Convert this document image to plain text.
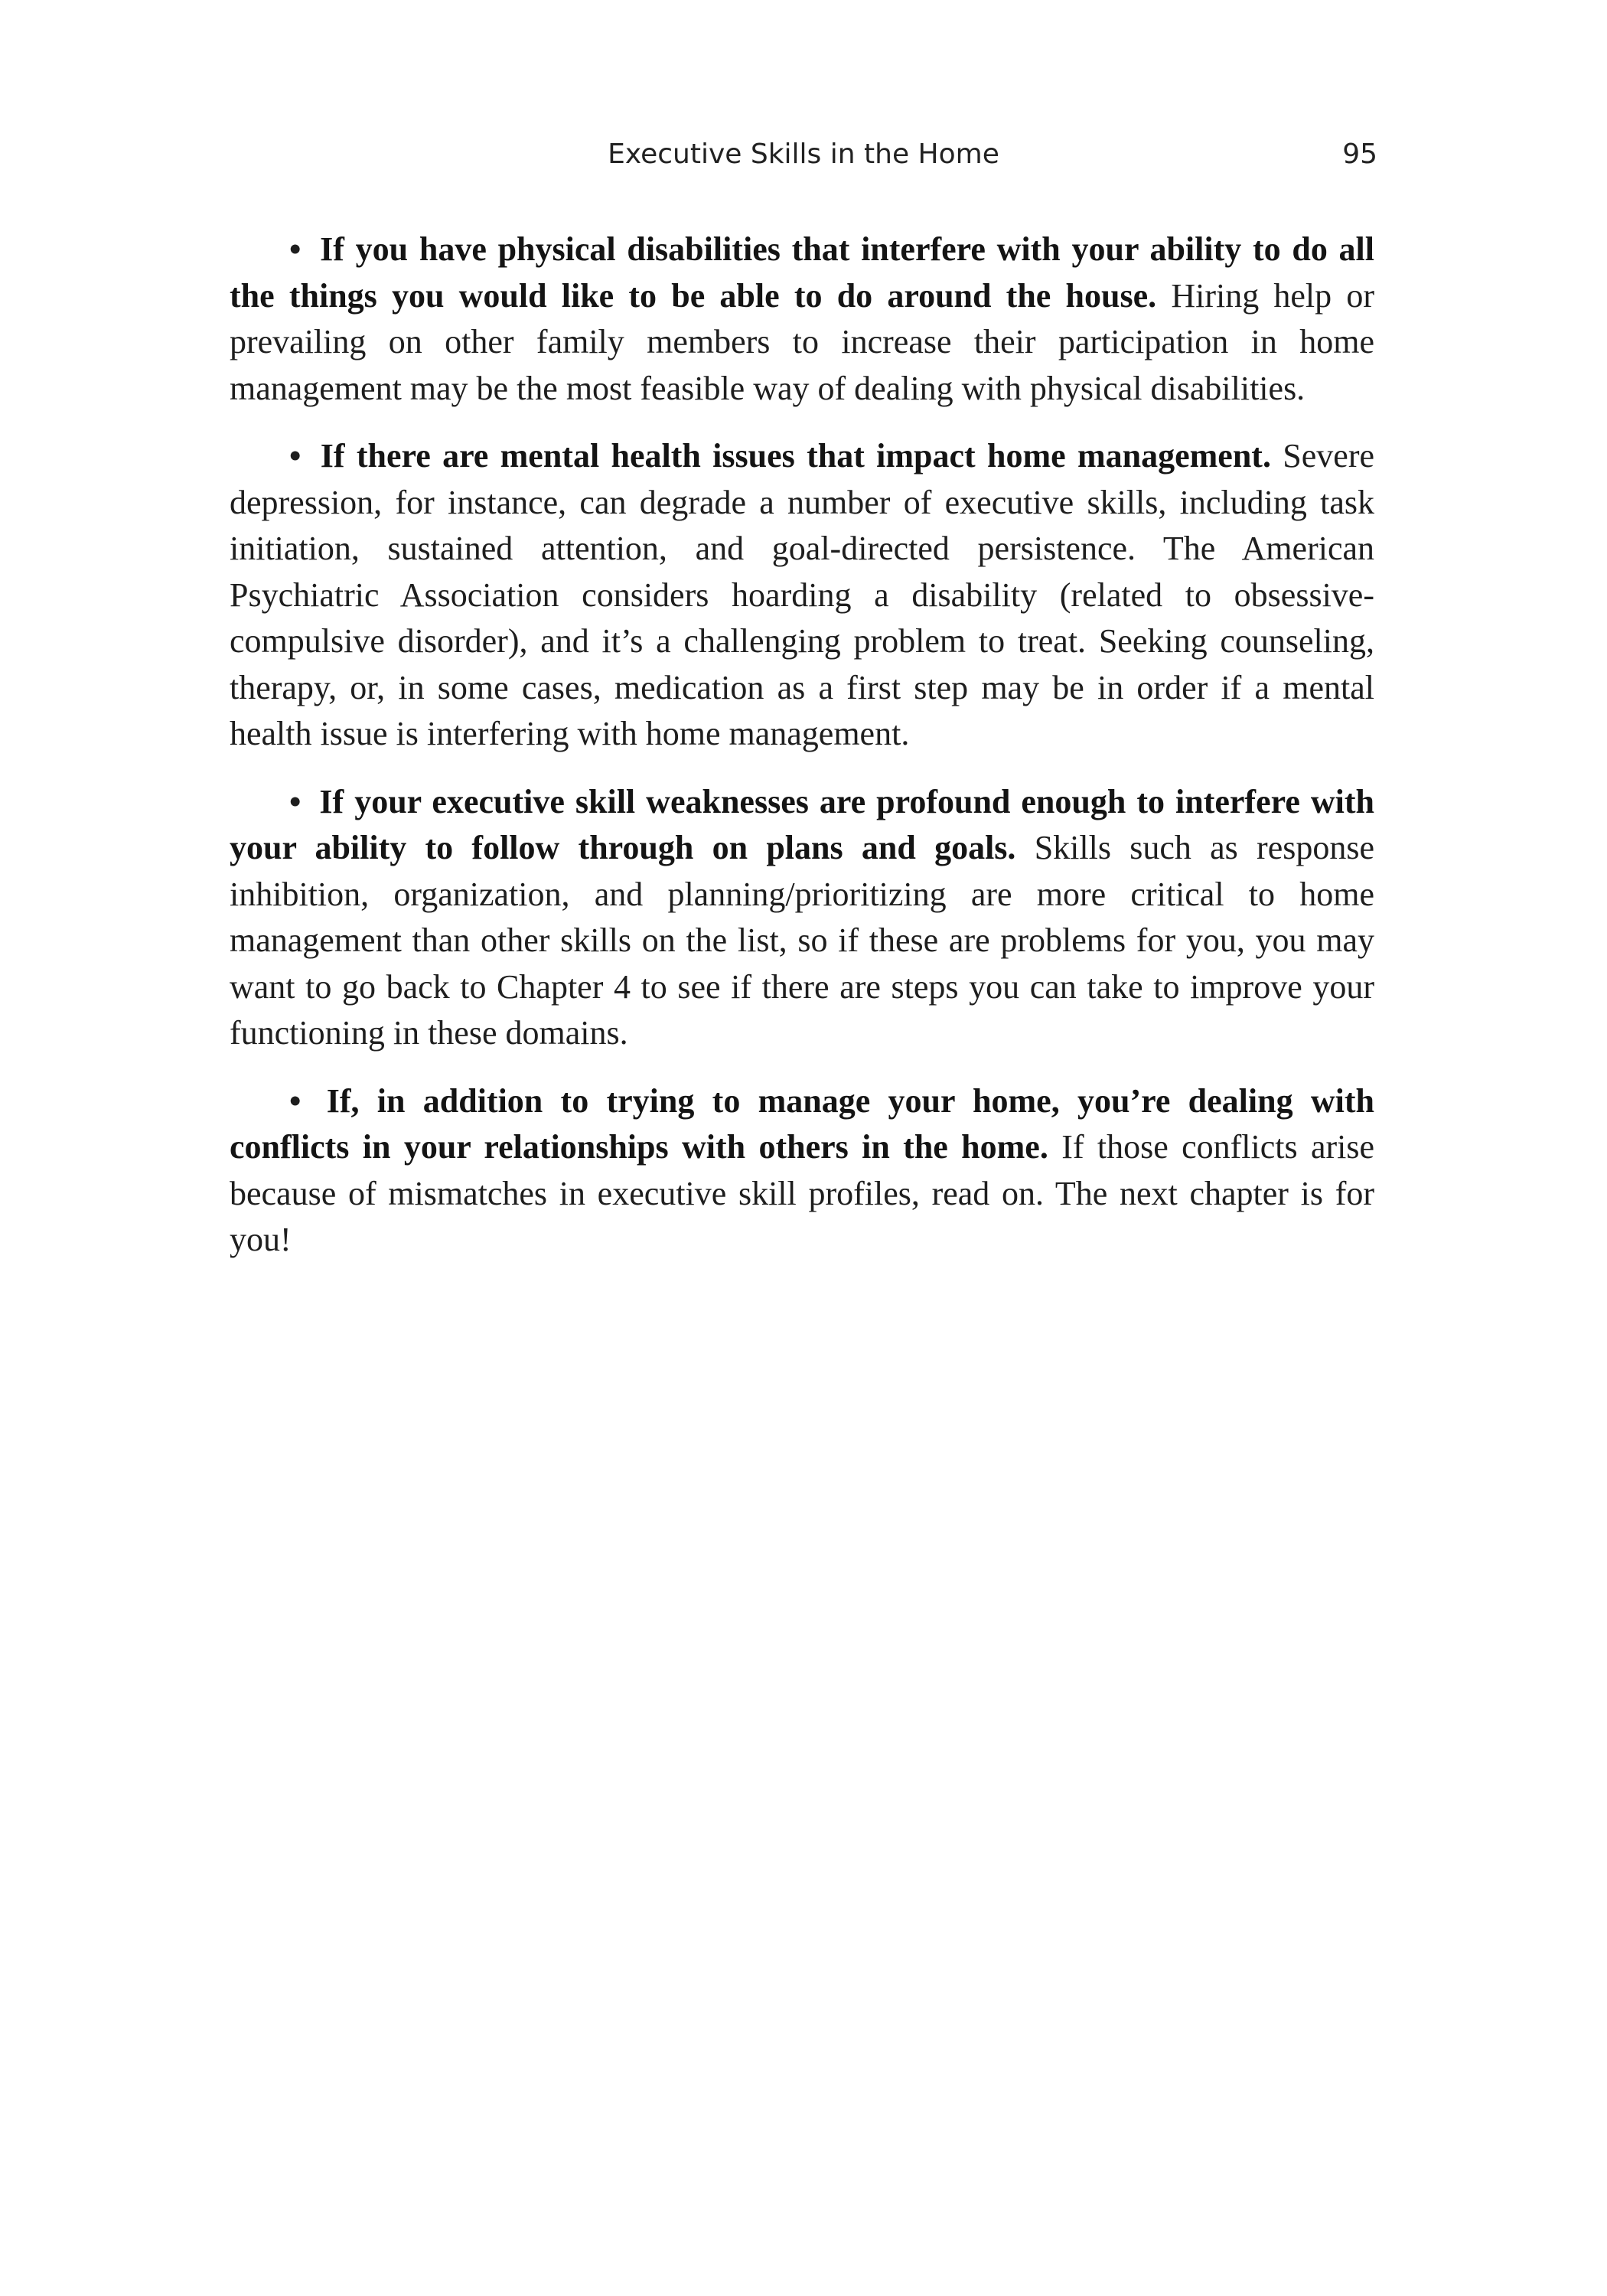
Executive Skills in the Home	95

• If you have physical disabilities that interfere with your ability to do all the things you would like to be able to do around the house. Hiring help or prevailing on other family members to increase their participation in home management may be the most feasible way of dealing with physical disabilities.

• If there are mental health issues that impact home management. Severe depression, for instance, can degrade a number of executive skills, including task initiation, sustained attention, and goal-directed persistence. The American Psychiatric Association considers hoarding a disability (related to obsessive-compulsive disorder), and it’s a challenging problem to treat. Seeking counseling, therapy, or, in some cases, medication as a first step may be in order if a mental health issue is interfering with home management.

• If your executive skill weaknesses are profound enough to interfere with your ability to follow through on plans and goals. Skills such as response inhibition, organization, and planning/prioritizing are more critical to home management than other skills on the list, so if these are problems for you, you may want to go back to Chapter 4 to see if there are steps you can take to improve your functioning in these domains.

• If, in addition to trying to manage your home, you’re dealing with conflicts in your relationships with others in the home. If those conflicts arise because of mismatches in executive skill profiles, read on. The next chapter is for you!
